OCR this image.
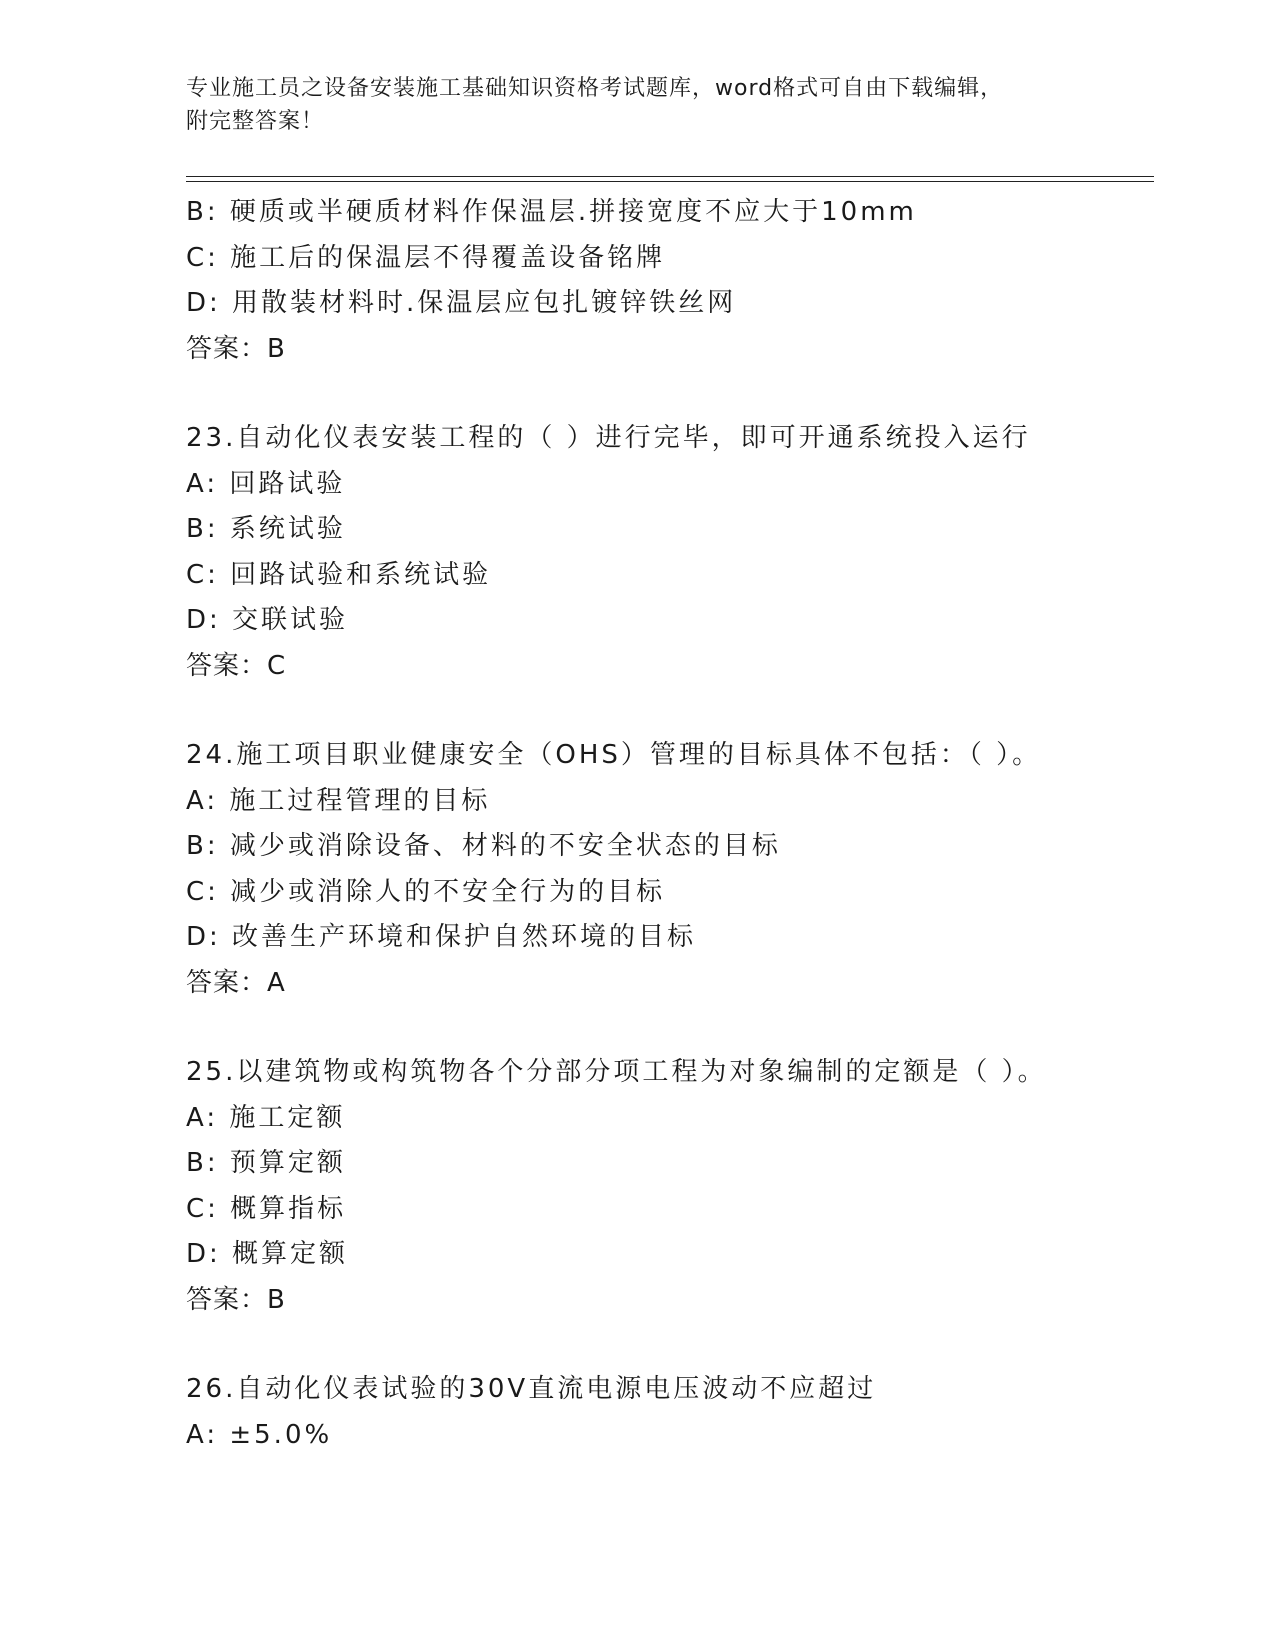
专业施工员之设备安装施工基础知识资格考试题库，word格式可自由下载编辑，
附完整答案！
B: 硬质或半硬质材料作保温层.拼接宽度不应大于10mm
C: 施工后的保温层不得覆盖设备铭牌
D: 用散装材料时.保温层应包扎镀锌铁丝网
答案：B
23.自动化仪表安装工程的（ ）进行完毕，即可开通系统投入运行
A: 回路试验
B: 系统试验
C: 回路试验和系统试验
D: 交联试验
答案：C
24.施工项目职业健康安全（OHS）管理的目标具体不包括：（ ）。
A: 施工过程管理的目标
B: 减少或消除设备、材料的不安全状态的目标
C: 减少或消除人的不安全行为的目标
D: 改善生产环境和保护自然环境的目标
答案：A
25.以建筑物或构筑物各个分部分项工程为对象编制的定额是（ ）。
A: 施工定额
B: 预算定额
C: 概算指标
D: 概算定额
答案：B
26.自动化仪表试验的30V直流电源电压波动不应超过
A: ±5.0%
